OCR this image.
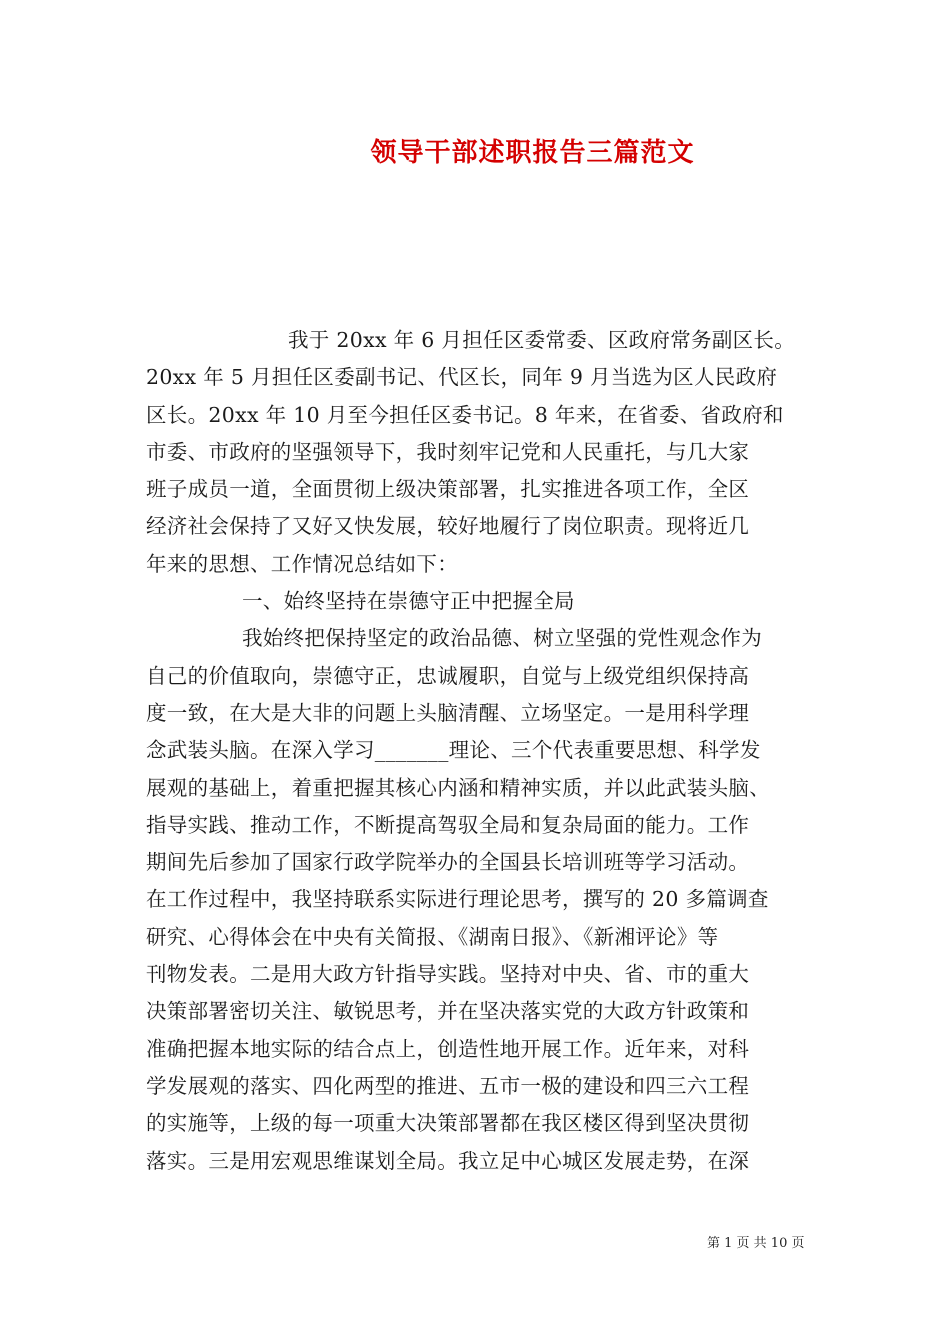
领导干部述职报告三篇范文
我于 20xx 年 6 月担任区委常委、区政府常务副区长。
20xx 年 5 月担任区委副书记、代区长，同年 9 月当选为区人民政府
区长。20xx 年 10 月至今担任区委书记。8 年来，在省委、省政府和
市委、市政府的坚强领导下，我时刻牢记党和人民重托，与几大家
班子成员一道，全面贯彻上级决策部署，扎实推进各项工作，全区
经济社会保持了又好又快发展，较好地履行了岗位职责。现将近几
年来的思想、工作情况总结如下：
一、始终坚持在崇德守正中把握全局
我始终把保持坚定的政治品德、树立坚强的党性观念作为
自己的价值取向，崇德守正，忠诚履职，自觉与上级党组织保持高
度一致，在大是大非的问题上头脑清醒、立场坚定。一是用科学理
念武装头脑。在深入学习_______理论、三个代表重要思想、科学发
展观的基础上，着重把握其核心内涵和精神实质，并以此武装头脑、
指导实践、推动工作，不断提高驾驭全局和复杂局面的能力。工作
期间先后参加了国家行政学院举办的全国县长培训班等学习活动。
在工作过程中，我坚持联系实际进行理论思考，撰写的 20 多篇调查
研究、心得体会在中央有关简报、《湖南日报》、《新湘评论》等
刊物发表。二是用大政方针指导实践。坚持对中央、省、市的重大
决策部署密切关注、敏锐思考，并在坚决落实党的大政方针政策和
准确把握本地实际的结合点上，创造性地开展工作。近年来，对科
学发展观的落实、四化两型的推进、五市一极的建设和四三六工程
的实施等，上级的每一项重大决策部署都在我区楼区得到坚决贯彻
落实。三是用宏观思维谋划全局。我立足中心城区发展走势，在深
第 1 页 共 10 页
